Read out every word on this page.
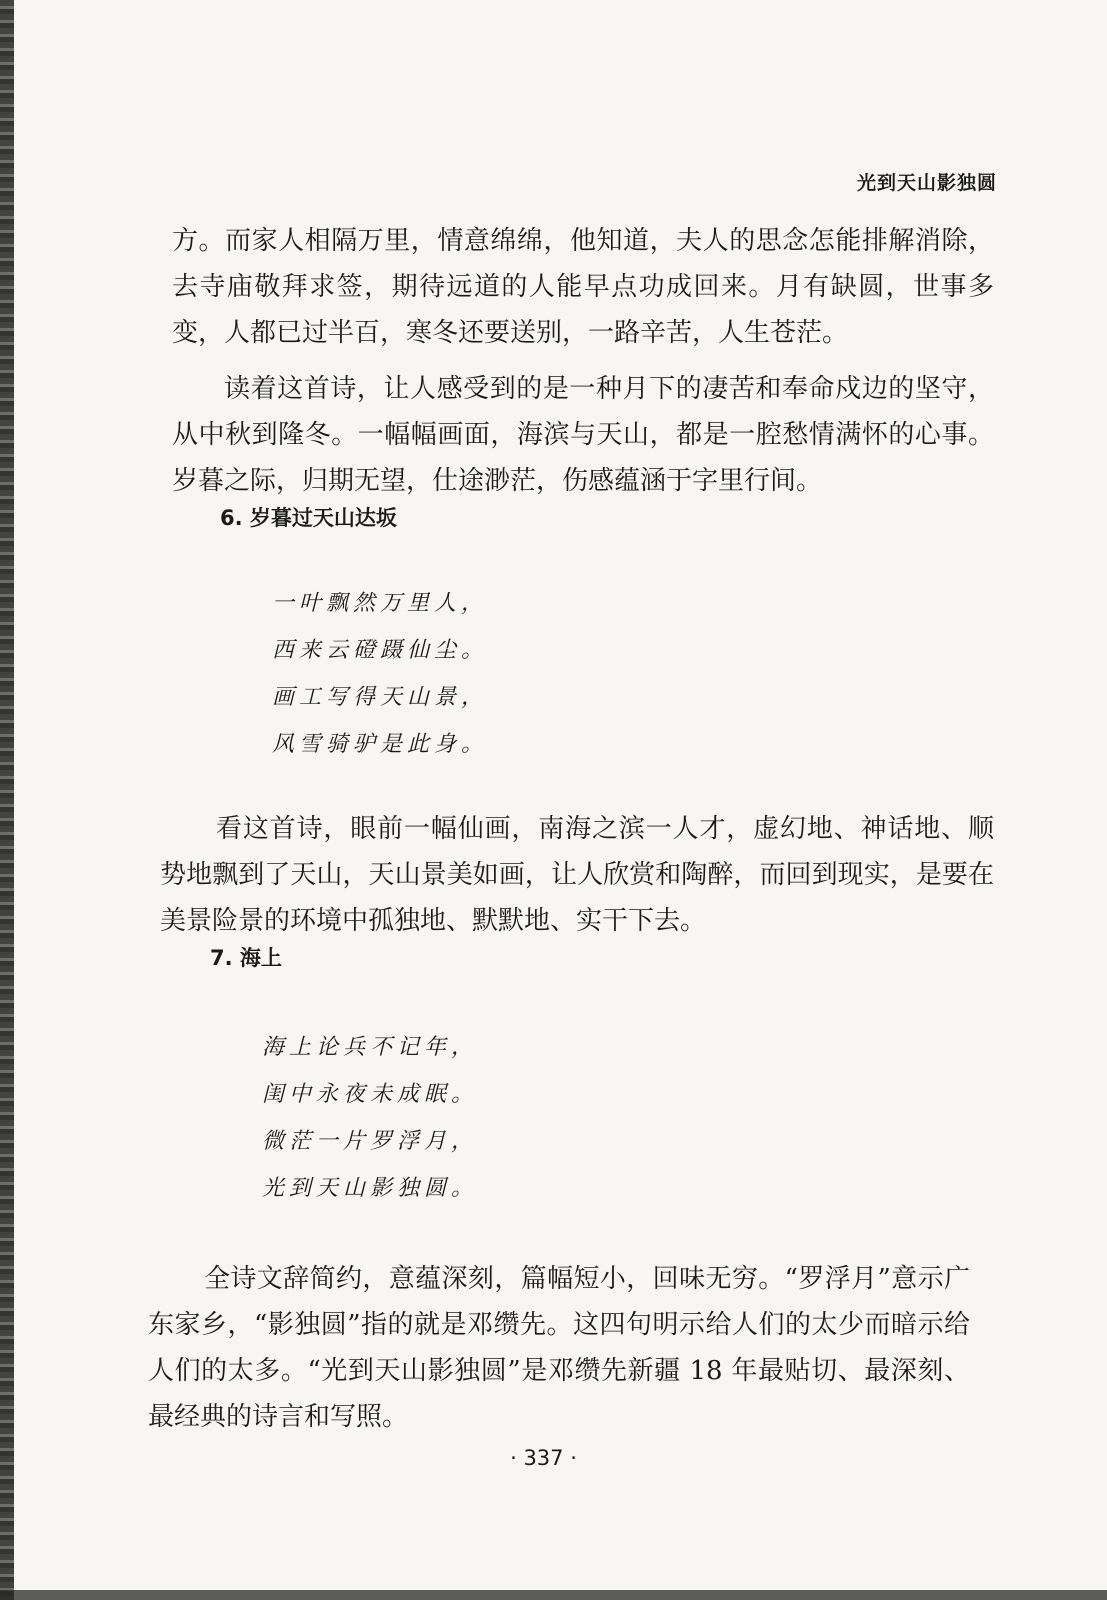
光到天山影独圆

方。而家人相隔万里，情意绵绵，他知道，夫人的思念怎能排解消除，去寺庙敬拜求签，期待远道的人能早点功成回来。月有缺圆，世事多变，人都已过半百，寒冬还要送别，一路辛苦，人生苍茫。

读着这首诗，让人感受到的是一种月下的凄苦和奉命戍边的坚守，从中秋到隆冬。一幅幅画面，海滨与天山，都是一腔愁情满怀的心事。岁暮之际，归期无望，仕途渺茫，伤感蕴涵于字里行间。

6. 岁暮过天山达坂
一叶飘然万里人，
西来云磴蹑仙尘。
画工写得天山景，
风雪骑驴是此身。

看这首诗，眼前一幅仙画，南海之滨一人才，虚幻地、神话地、顺势地飘到了天山，天山景美如画，让人欣赏和陶醉，而回到现实，是要在美景险景的环境中孤独地、默默地、实干下去。

7. 海上
海上论兵不记年，
闺中永夜未成眠。
微茫一片罗浮月，
光到天山影独圆。

全诗文辞简约，意蕴深刻，篇幅短小，回味无穷。“罗浮月”意示广东家乡，“影独圆”指的就是邓缵先。这四句明示给人们的太少而暗示给人们的太多。“光到天山影独圆”是邓缵先新疆 18 年最贴切、最深刻、最经典的诗言和写照。

· 337 ·
